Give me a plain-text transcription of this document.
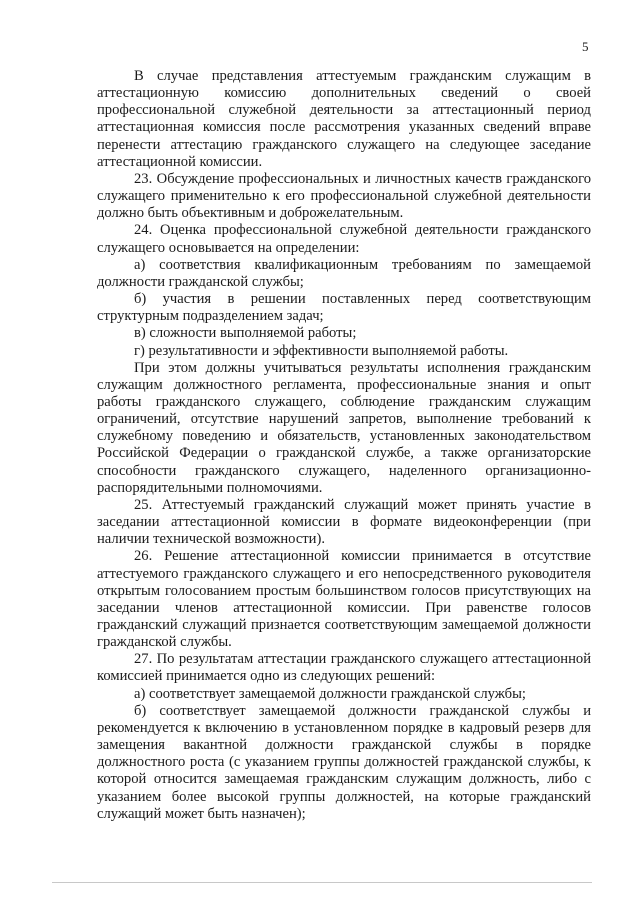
5

В случае представления аттестуемым гражданским служащим в аттестационную комиссию дополнительных сведений о своей профессиональной служебной деятельности за аттестационный период аттестационная комиссия после рассмотрения указанных сведений вправе перенести аттестацию гражданского служащего на следующее заседание аттестационной комиссии.

23. Обсуждение профессиональных и личностных качеств гражданского служащего применительно к его профессиональной служебной деятельности должно быть объективным и доброжелательным.

24. Оценка профессиональной служебной деятельности гражданского служащего основывается на определении:

а) соответствия квалификационным требованиям по замещаемой должности гражданской службы;

б) участия в решении поставленных перед соответствующим структурным подразделением задач;

в) сложности выполняемой работы;

г) результативности и эффективности выполняемой работы.

При этом должны учитываться результаты исполнения гражданским служащим должностного регламента, профессиональные знания и опыт работы гражданского служащего, соблюдение гражданским служащим ограничений, отсутствие нарушений запретов, выполнение требований к служебному поведению и обязательств, установленных законодательством Российской Федерации о гражданской службе, а также организаторские способности гражданского служащего, наделенного организационно-распорядительными полномочиями.

25. Аттестуемый гражданский служащий может принять участие в заседании аттестационной комиссии в формате видеоконференции (при наличии технической возможности).

26. Решение аттестационной комиссии принимается в отсутствие аттестуемого гражданского служащего и его непосредственного руководителя открытым голосованием простым большинством голосов присутствующих на заседании членов аттестационной комиссии. При равенстве голосов гражданский служащий признается соответствующим замещаемой должности гражданской службы.

27. По результатам аттестации гражданского служащего аттестационной комиссией принимается одно из следующих решений:

а) соответствует замещаемой должности гражданской службы;

б) соответствует замещаемой должности гражданской службы и рекомендуется к включению в установленном порядке в кадровый резерв для замещения вакантной должности гражданской службы в порядке должностного роста (с указанием группы должностей гражданской службы, к которой относится замещаемая гражданским служащим должность, либо с указанием более высокой группы должностей, на которые гражданский служащий может быть назначен);
